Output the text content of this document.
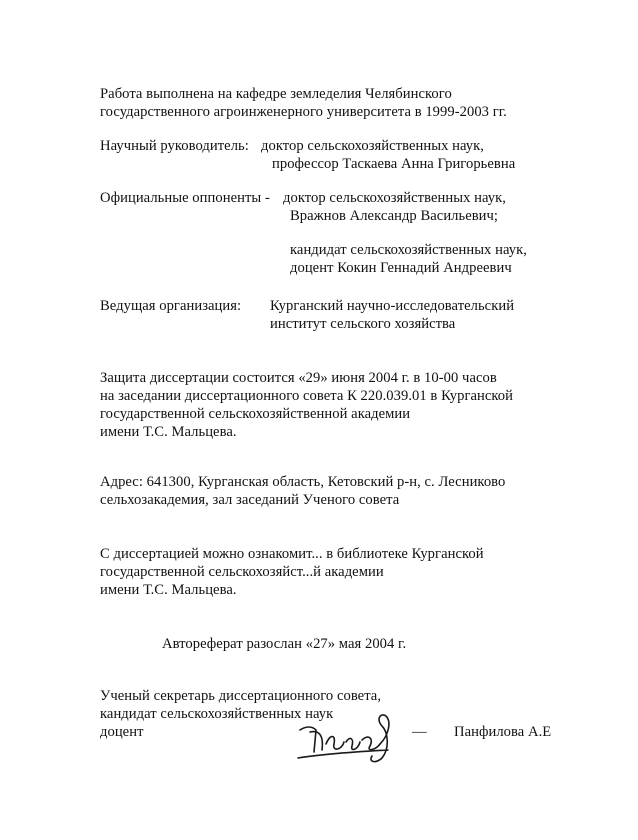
Работа выполнена на кафедре земледелия Челябинского
государственного агроинженерного университета в 1999-2003 гг.
Научный руководитель: доктор сельскохозяйственных наук,
профессор Таскаева Анна Григорьевна
Официальные оппоненты - доктор сельскохозяйственных наук,
Вражнов Александр Васильевич;
кандидат сельскохозяйственных наук,
доцент Кокин Геннадий Андреевич
Ведущая организация: Курганский научно-исследовательский
институт сельского хозяйства
Защита диссертации состоится «29» июня 2004 г. в 10-00 часов
на заседании диссертационного совета К 220.039.01 в Курганской
государственной сельскохозяйственной академии
имени Т.С. Мальцева.
Адрес: 641300, Курганская область, Кетовский р-н, с. Лесниково
сельхозакадемия, зал заседаний Ученого совета
С диссертацией можно ознакомит... в библиотеке Курганской
государственной сельскохозяйст...й академии
имени Т.С. Мальцева.
Автореферат разослан «27» мая 2004 г.
Ученый секретарь диссертационного совета,
кандидат сельскохозяйственных наук
доцент	— Панфилова А.Е
